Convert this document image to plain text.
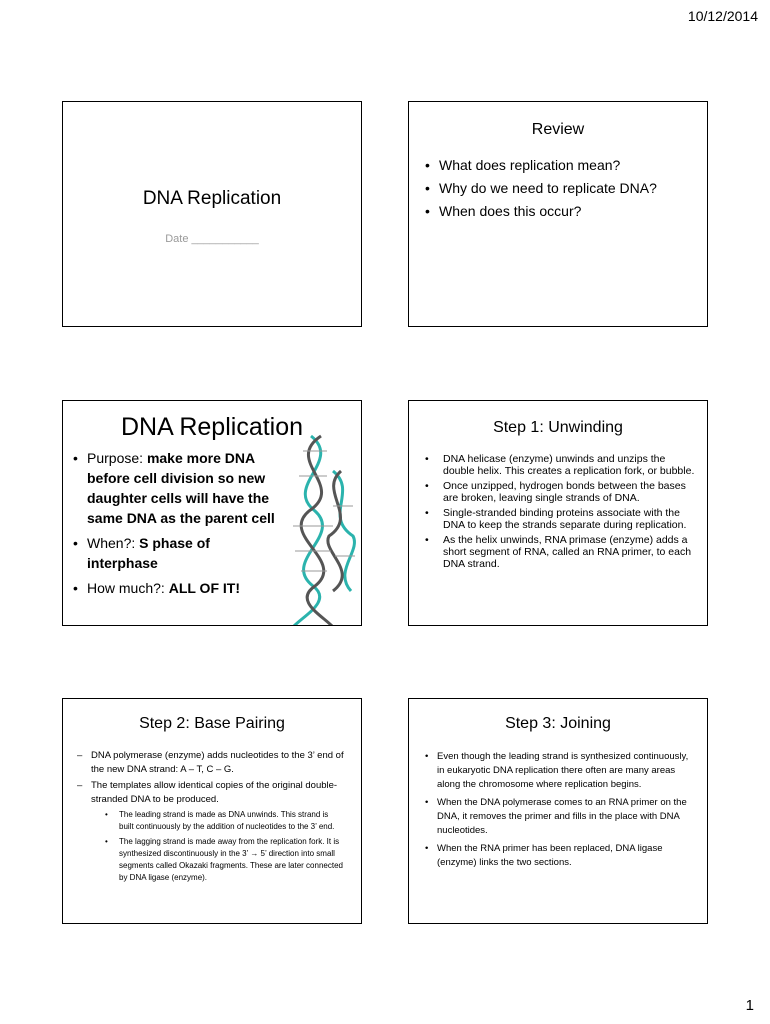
10/12/2014
DNA Replication
Date ___________
Review
• What does replication mean?
• Why do we need to replicate DNA?
• When does this occur?
DNA Replication
• Purpose: make more DNA before cell division so new daughter cells will have the same DNA as the parent cell
• When?: S phase of interphase
• How much?: ALL OF IT!
Step 1: Unwinding
• DNA helicase (enzyme) unwinds and unzips the double helix. This creates a replication fork, or bubble.
• Once unzipped, hydrogen bonds between the bases are broken, leaving single strands of DNA.
• Single-stranded binding proteins associate with the DNA to keep the strands separate during replication.
• As the helix unwinds, RNA primase (enzyme) adds a short segment of RNA, called an RNA primer, to each DNA strand.
Step 2: Base Pairing
– DNA polymerase (enzyme) adds nucleotides to the 3’ end of the new DNA strand: A – T, C – G.
– The templates allow identical copies of the original double-stranded DNA to be produced.
• The leading strand is made as DNA unwinds. This strand is built continuously by the addition of nucleotides to the 3’ end.
• The lagging strand is made away from the replication fork. It is synthesized discontinuously in the 3’ → 5’ direction into small segments called Okazaki fragments. These are later connected by DNA ligase (enzyme).
Step 3: Joining
• Even though the leading strand is synthesized continuously, in eukaryotic DNA replication there often are many areas along the chromosome where replication begins.
• When the DNA polymerase comes to an RNA primer on the DNA, it removes the primer and fills in the place with DNA nucleotides.
• When the RNA primer has been replaced, DNA ligase (enzyme) links the two sections.
1
